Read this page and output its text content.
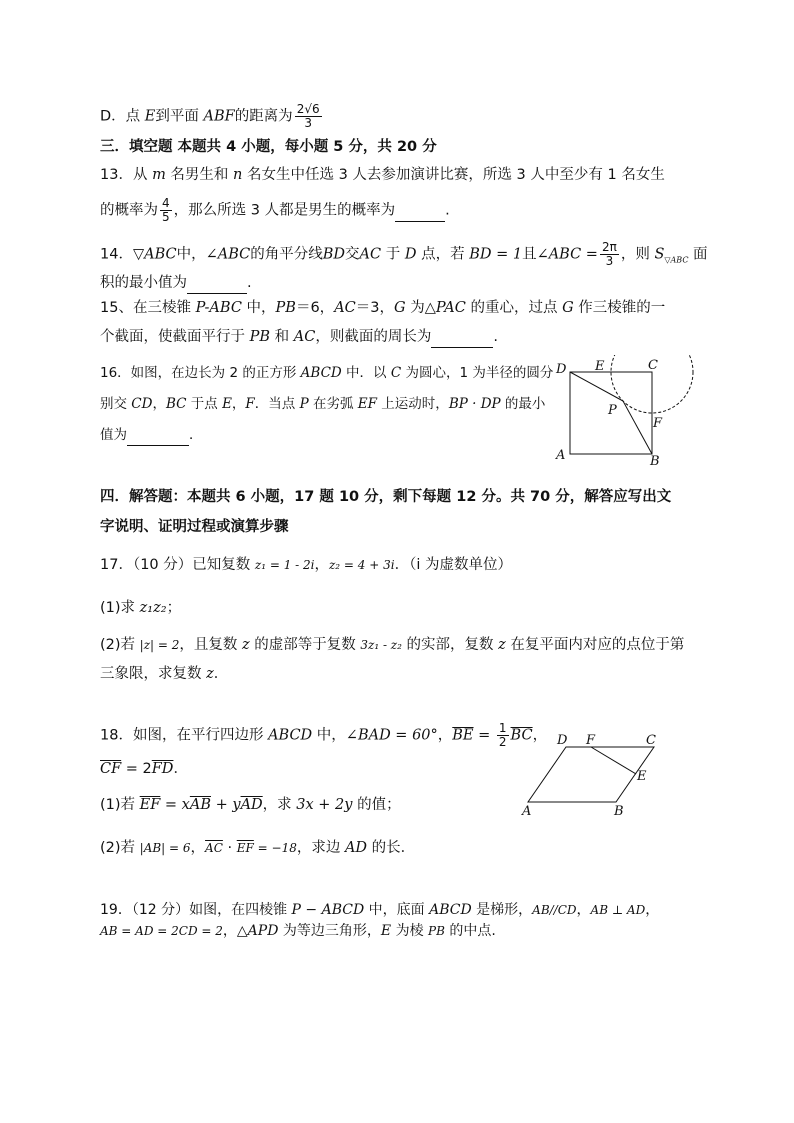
D．点 E到平面 ABF的距离为 $\frac{2√6}{3}$
三．填空题 本题共 4 小题，每小题 5 分，共 20 分
13．从 m 名男生和 n 名女生中任选 3 人去参加演讲比赛，所选 3 人中至少有 1 名女生
的概率为 $\frac{4}{5}$ ，那么所选 3 人都是男生的概率为	.
14．▽ABC中，∠ABC的角平分线BD交AC 于 D 点，若 BD = 1且∠ABC = $\frac{2\pi}{3}$ ，则 $S_{▽ABC}$ 面
积的最小值为	.
15、在三棱锥 P-ABC 中，PB＝6，AC＝3，G 为△PAC 的重心，过点 G 作三棱锥的一
个截面，使截面平行于 PB 和 AC，则截面的周长为	.
16．如图，在边长为 2 的正方形 ABCD 中．以 C 为圆心，1 为半径的圆分
别交 CD，BC 于点 E，F．当点 P 在劣弧 EF 上运动时，BP · DP 的最小
值为	．
D E	C
P
F
A	B
四．解答题：本题共 6 小题，17 题 10 分，剩下每题 12 分。共 70 分，解答应写出文
字说明、证明过程或演算步骤
17．（10 分）已知复数 z₁ = 1 - 2i，z₂ = 4 + 3i．（i 为虚数单位）
(1)求 z₁z₂；
(2)若 |z| = 2，且复数 z 的虚部等于复数 3z₁ - z₂ 的实部，复数 z 在复平面内对应的点位于第
三象限，求复数 z．
18．如图，在平行四边形 ABCD 中，∠BAD = 60°，$\overline{BE} = \frac{1}{2} \overline{BC}$，
$\overline{CF} = 2\overline{FD}$．
(1)若 $\overline{EF} = x\overline{AB} + y\overline{AD}$，求 3x + 2y 的值；
(2)若 |AB| = 6，$\overline{AC} \cdot \overline{EF} = -18$，求边 AD 的长．
D F	C
E
A	B
19．（12 分）如图，在四棱锥 P − ABCD 中，底面 ABCD 是梯形，AB//CD，AB ⊥ AD，
AB = AD = 2CD = 2，△APD 为等边三角形，E 为棱 PB 的中点.
